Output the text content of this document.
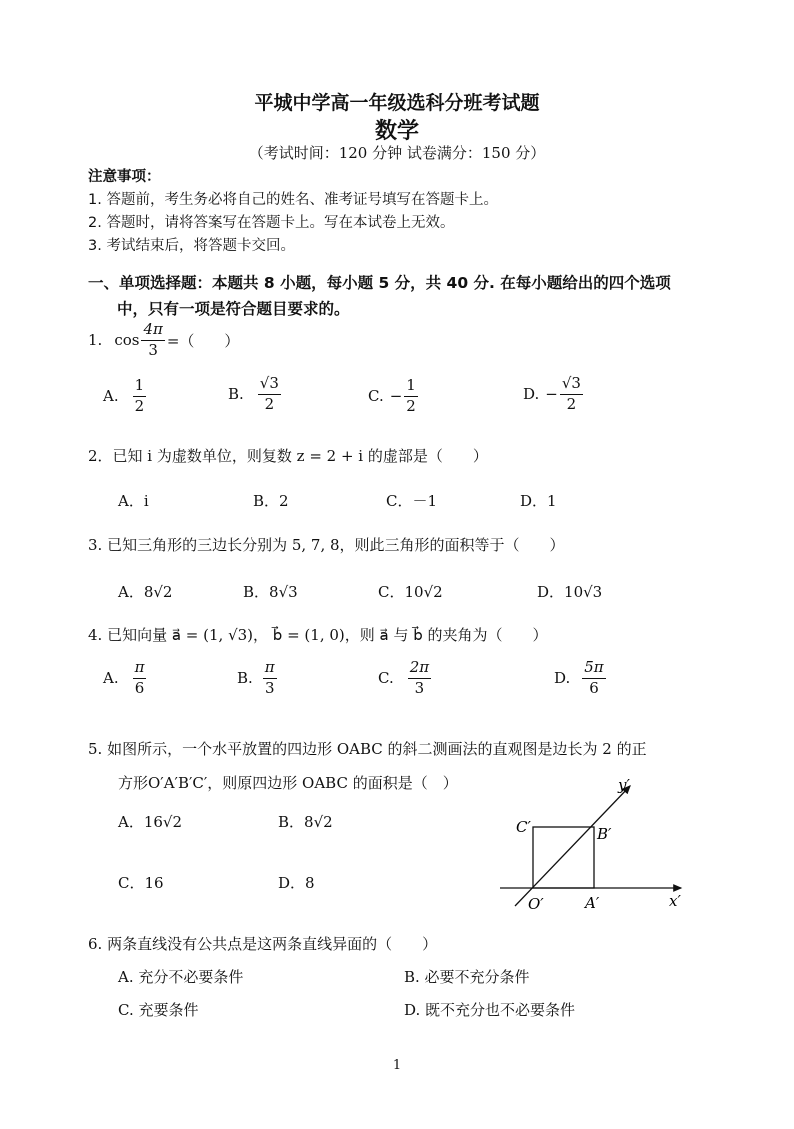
平城中学高一年级选科分班考试题
数学
（考试时间：120 分钟 试卷满分：150 分）
注意事项：
1. 答题前，考生务必将自己的姓名、准考证号填写在答题卡上。
2. 答题时，请将答案写在答题卡上。写在本试卷上无效。
3. 考试结束后，将答题卡交回。
一、单项选择题：本题共 8 小题，每小题 5 分，共 40 分. 在每小题给出的四个选项
中，只有一项是符合题目要求的。
1. $\cos \frac{4\pi}{3}$ =（　　）
A. $\frac{1}{2}$	B. $\frac{√3}{2}$	C. − $\frac{1}{2}$	D. − $\frac{√3}{2}$
2．已知 i 为虚数单位，则复数 z = 2 + i 的虚部是（　　）
A．i	B．2	C．－1	D．1
3. 已知三角形的三边长分别为 5, 7, 8，则此三角形的面积等于（　　）
A．8√2	B．8√3	C．10√2	D．10√3
4. 已知向量 a⃗ = (1, √3)， b⃗ = (1, 0)，则 a⃗ 与 b⃗ 的夹角为（　　）
A. $\frac{\pi}{6}$	B. $\frac{\pi}{3}$	C. $\frac{2\pi}{3}$	D. $\frac{5\pi}{6}$
5. 如图所示，一个水平放置的四边形 OABC 的斜二测画法的直观图是边长为 2 的正
方形O′A′B′C′，则原四边形 OABC 的面积是（　）
A．16√2	B．8√2
C．16	D．8
y′
x′
O′	A′
B′
C′
6. 两条直线没有公共点是这两条直线异面的（　　）
A. 充分不必要条件	B. 必要不充分条件
C. 充要条件	D. 既不充分也不必要条件
1
